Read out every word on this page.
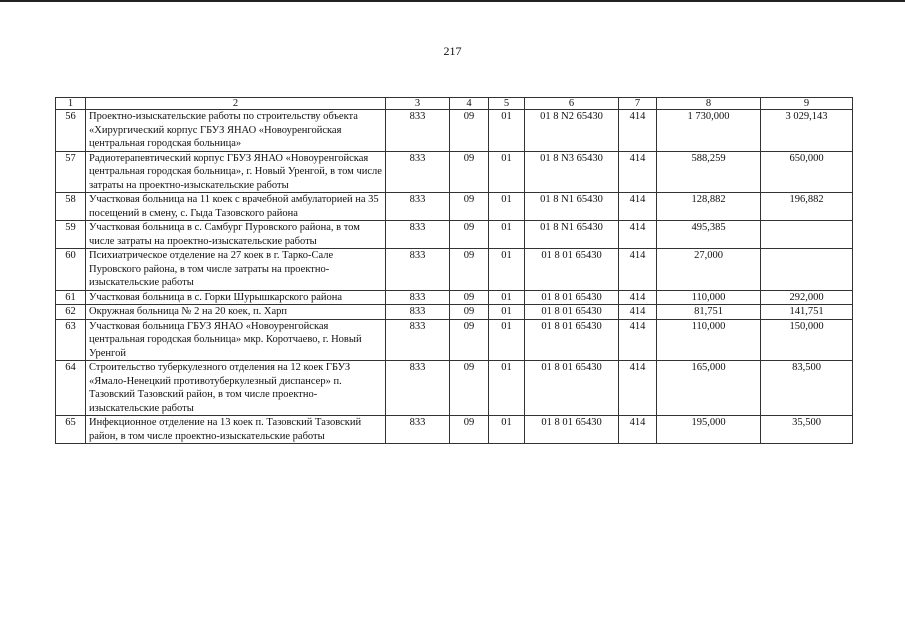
217
1	2	3	4	5	6	7	8	9
56	Проектно-изыскательские работы по строительству объекта «Хирургический корпус ГБУЗ ЯНАО «Новоуренгойская центральная городская больница»	833	09	01	01 8 N2 65430	414	1 730,000	3 029,143
57	Радиотерапевтический корпус ГБУЗ ЯНАО «Новоуренгойская центральная городская больница», г. Новый Уренгой, в том числе затраты на проектно-изыскательские работы	833	09	01	01 8 N3 65430	414	588,259	650,000
58	Участковая больница на 11 коек с врачебной амбулаторией на 35 посещений в смену, с. Гыда Тазовского района	833	09	01	01 8 N1 65430	414	128,882	196,882
59	Участковая больница в с. Самбург Пуровского района, в том числе затраты на проектно-изыскательские работы	833	09	01	01 8 N1 65430	414	495,385	
60	Психиатрическое отделение на 27 коек в г. Тарко-Сале Пуровского района, в том числе затраты на проектно-изыскательские работы	833	09	01	01 8 01 65430	414	27,000	
61	Участковая больница в с. Горки Шурышкарского района	833	09	01	01 8 01 65430	414	110,000	292,000
62	Окружная больница № 2 на 20 коек, п. Харп	833	09	01	01 8 01 65430	414	81,751	141,751
63	Участковая больница ГБУЗ ЯНАО «Новоуренгойская центральная городская больница» мкр. Коротчаево, г. Новый Уренгой	833	09	01	01 8 01 65430	414	110,000	150,000
64	Строительство туберкулезного отделения на 12 коек ГБУЗ «Ямало-Ненецкий противотуберкулезный диспансер» п. Тазовский Тазовский район, в том числе проектно-изыскательские работы	833	09	01	01 8 01 65430	414	165,000	83,500
65	Инфекционное отделение на 13 коек п. Тазовский Тазовский район, в том числе проектно-изыскательские работы	833	09	01	01 8 01 65430	414	195,000	35,500
